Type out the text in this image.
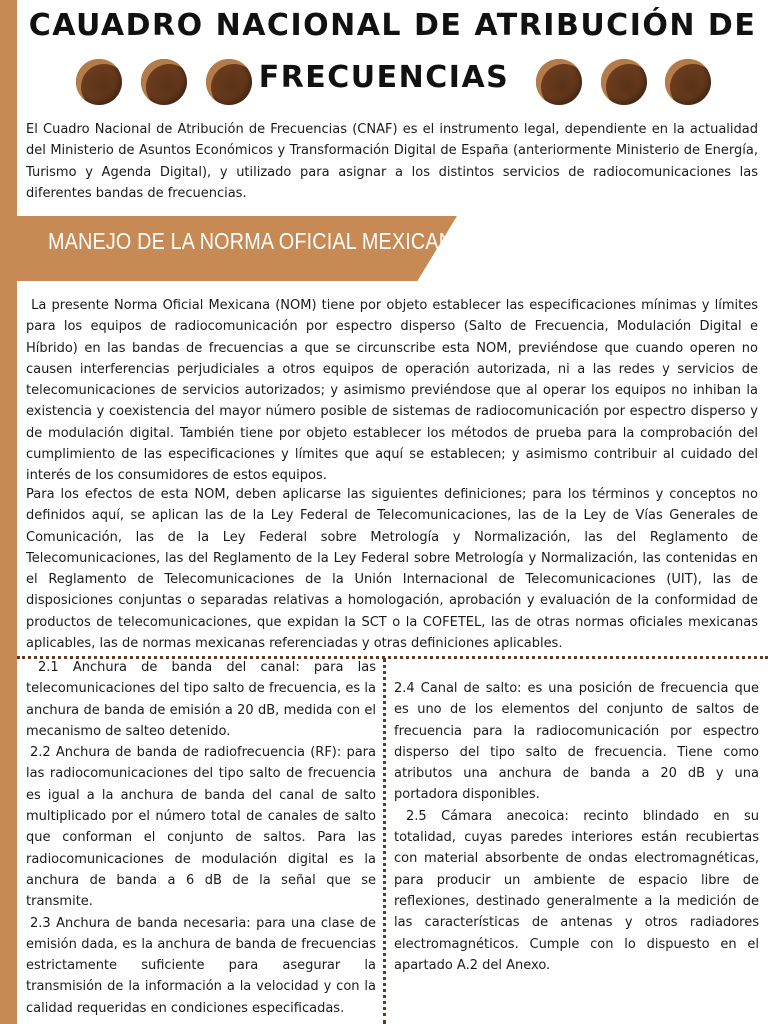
CAUADRO NACIONAL DE ATRIBUCIÓN DE
FRECUENCIAS

El Cuadro Nacional de Atribución de Frecuencias (CNAF) es el instrumento legal, dependiente en la actualidad del Ministerio de Asuntos Económicos y Transformación Digital de España (anteriormente Ministerio de Energía, Turismo y Agenda Digital), y utilizado para asignar a los distintos servicios de radiocomunicaciones las diferentes bandas de frecuencias.

MANEJO DE LA NORMA OFICIAL MEXICANA

La presente Norma Oficial Mexicana (NOM) tiene por objeto establecer las especificaciones mínimas y límites para los equipos de radiocomunicación por espectro disperso (Salto de Frecuencia, Modulación Digital e Híbrido) en las bandas de frecuencias a que se circunscribe esta NOM, previéndose que cuando operen no causen interferencias perjudiciales a otros equipos de operación autorizada, ni a las redes y servicios de telecomunicaciones de servicios autorizados; y asimismo previéndose que al operar los equipos no inhiban la existencia y coexistencia del mayor número posible de sistemas de radiocomunicación por espectro disperso y de modulación digital. También tiene por objeto establecer los métodos de prueba para la comprobación del cumplimiento de las especificaciones y límites que aquí se establecen; y asimismo contribuir al cuidado del interés de los consumidores de estos equipos.

Para los efectos de esta NOM, deben aplicarse las siguientes definiciones; para los términos y conceptos no definidos aquí, se aplican las de la Ley Federal de Telecomunicaciones, las de la Ley de Vías Generales de Comunicación, las de la Ley Federal sobre Metrología y Normalización, las del Reglamento de Telecomunicaciones, las del Reglamento de la Ley Federal sobre Metrología y Normalización, las contenidas en el Reglamento de Telecomunicaciones de la Unión Internacional de Telecomunicaciones (UIT), las de disposiciones conjuntas o separadas relativas a homologación, aprobación y evaluación de la conformidad de productos de telecomunicaciones, que expidan la SCT o la COFETEL, las de otras normas oficiales mexicanas aplicables, las de normas mexicanas referenciadas y otras definiciones aplicables.

2.1 Anchura de banda del canal: para las telecomunicaciones del tipo salto de frecuencia, es la anchura de banda de emisión a 20 dB, medida con el mecanismo de salteo detenido.

2.2 Anchura de banda de radiofrecuencia (RF): para las radiocomunicaciones del tipo salto de frecuencia es igual a la anchura de banda del canal de salto multiplicado por el número total de canales de salto que conforman el conjunto de saltos. Para las radiocomunicaciones de modulación digital es la anchura de banda a 6 dB de la señal que se transmite.

2.3 Anchura de banda necesaria: para una clase de emisión dada, es la anchura de banda de frecuencias estrictamente suficiente para asegurar la transmisión de la información a la velocidad y con la calidad requeridas en condiciones especificadas.

2.4 Canal de salto: es una posición de frecuencia que es uno de los elementos del conjunto de saltos de frecuencia para la radiocomunicación por espectro disperso del tipo salto de frecuencia. Tiene como atributos una anchura de banda a 20 dB y una portadora disponibles.

2.5 Cámara anecoica: recinto blindado en su totalidad, cuyas paredes interiores están recubiertas con material absorbente de ondas electromagnéticas, para producir un ambiente de espacio libre de reflexiones, destinado generalmente a la medición de las características de antenas y otros radiadores electromagnéticos. Cumple con lo dispuesto en el apartado A.2 del Anexo.
